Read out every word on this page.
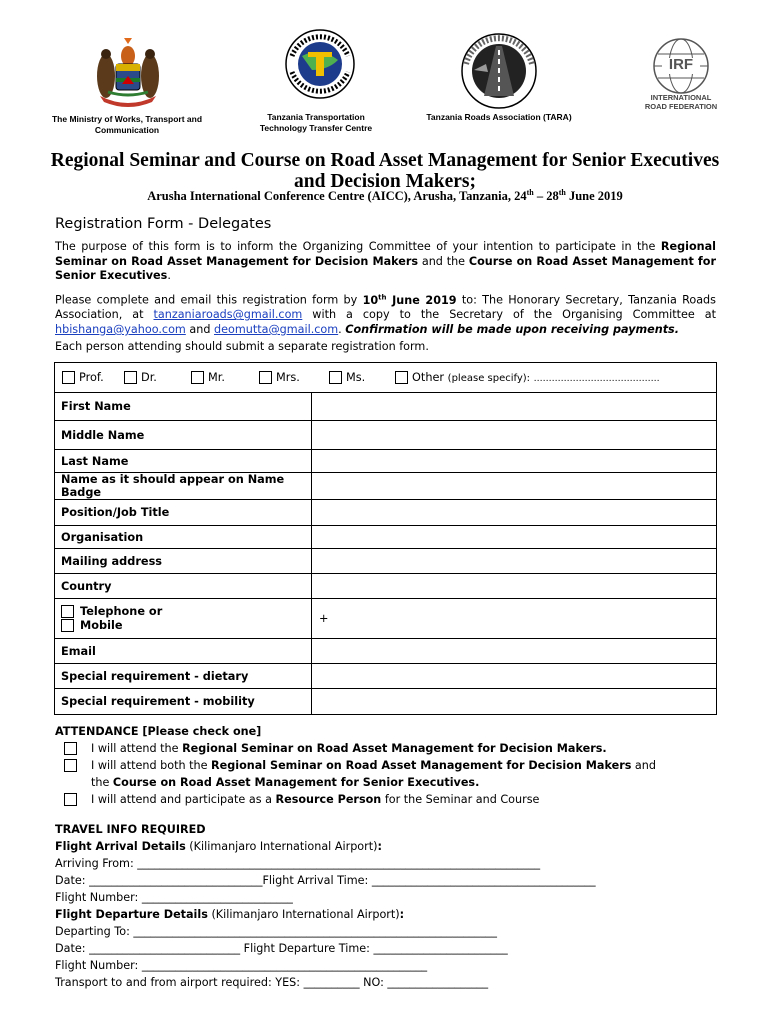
The Ministry of Works, Transport and Communication
Tanzania Transportation Technology Transfer Centre
Tanzania Roads Association (TARA)
IRF
INTERNATIONAL ROAD FEDERATION
Regional Seminar and Course on Road Asset Management for Senior Executives and Decision Makers;
Arusha International Conference Centre (AICC), Arusha, Tanzania, 24th – 28th June 2019
Registration Form - Delegates
The purpose of this form is to inform the Organizing Committee of your intention to participate in the Regional Seminar on Road Asset Management for Decision Makers and the Course on Road Asset Management for Senior Executives.
Please complete and email this registration form by 10th June 2019 to: The Honorary Secretary, Tanzania Roads Association, at tanzaniaroads@gmail.com with a copy to the Secretary of the Organising Committee at hbishanga@yahoo.com and deomutta@gmail.com. Confirmation will be made upon receiving payments.
Each person attending should submit a separate registration form.
Prof. Dr. Mr. Mrs. Ms. Other (please specify): ……………………………………	
First Name	
Middle Name	
Last Name	
Name as it should appear on Name Badge	
Position/Job Title	
Organisation	
Mailing address	
Country	

Telephone or
Mobile	+
Email	
Special requirement - dietary	
Special requirement - mobility	
ATTENDANCE [Please check one]
I will attend the Regional Seminar on Road Asset Management for Decision Makers.
I will attend both the Regional Seminar on Road Asset Management for Decision Makers and the Course on Road Asset Management for Senior Executives.
I will attend and participate as a Resource Person for the Seminar and Course
TRAVEL INFO REQUIRED
Flight Arrival Details (Kilimanjaro International Airport):
Arriving From: ________________________________________________________________________
Date: _______________________________Flight Arrival Time: ________________________________________
Flight Number: ___________________________
Flight Departure Details (Kilimanjaro International Airport):
Departing To: _________________________________________________________________
Date: ___________________________ Flight Departure Time: ________________________
Flight Number: ___________________________________________________
Transport to and from airport required: YES: __________ NO: __________________
